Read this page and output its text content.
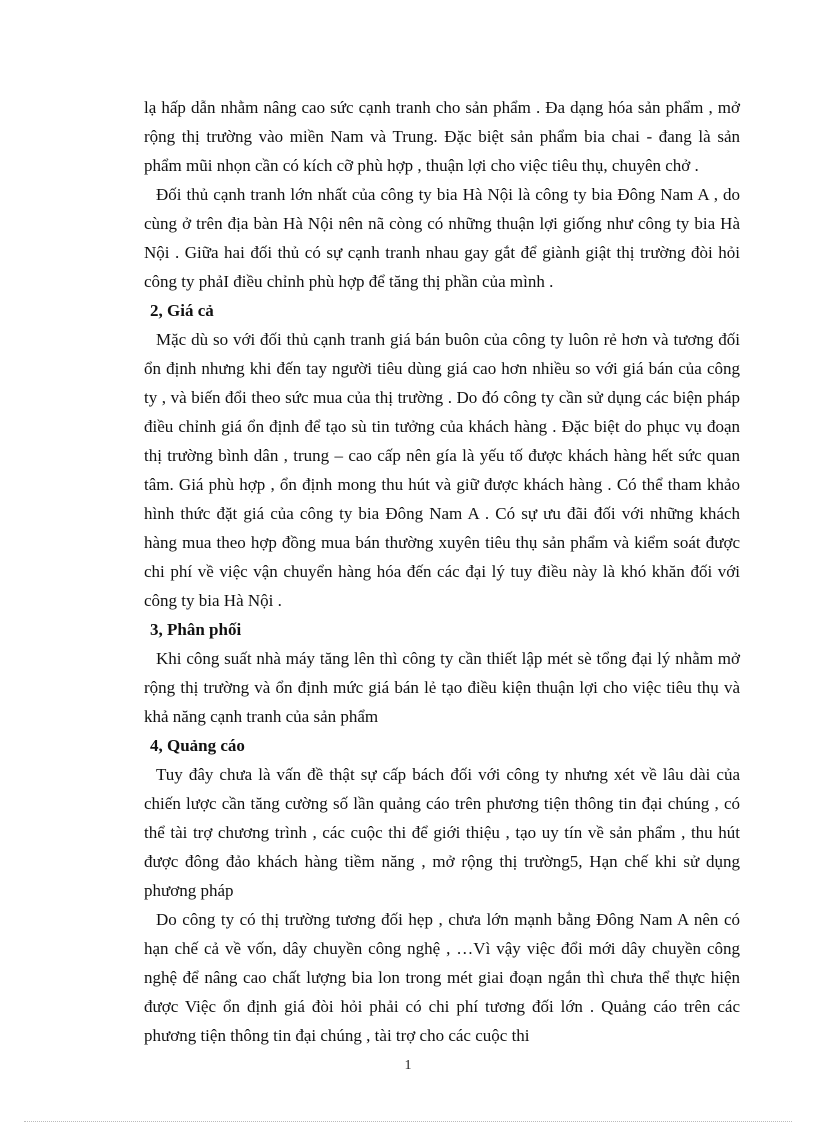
lạ hấp dẫn nhằm nâng cao sức cạnh tranh cho sản phẩm . Đa dạng hóa sản phẩm , mở rộng thị trường vào miền Nam và Trung. Đặc biệt sản phẩm bia chai - đang là sản phẩm mũi nhọn cần có kích cỡ phù hợp , thuận lợi cho việc tiêu thụ, chuyên chở .

Đối thủ cạnh tranh lớn nhất của công ty bia Hà Nội là công ty bia Đông Nam A , do cùng ở trên địa bàn Hà Nội nên nã còng có những thuận lợi giống như công ty bia Hà Nội . Giữa hai đối thủ có sự cạnh tranh nhau gay gắt để giành giật thị trường đòi hỏi công ty phảI điều chỉnh phù hợp để tăng thị phần của mình .

2, Giá cả

Mặc dù so với đối thủ cạnh tranh giá bán buôn của công ty luôn rẻ hơn và tương đối ổn định nhưng khi đến tay người tiêu dùng giá cao hơn nhiều so với giá bán của công ty , và biến đổi theo sức mua của thị trường . Do đó công ty cần sử dụng các biện pháp điều chỉnh giá ổn định để tạo sù tin tưởng của khách hàng . Đặc biệt do phục vụ đoạn thị trường bình dân , trung – cao cấp nên gía là yếu tố được khách hàng hết sức quan tâm. Giá phù hợp , ổn định mong thu hút và giữ được khách hàng . Có thể tham khảo hình thức đặt giá của công ty bia Đông Nam A . Có sự ưu đãi đối với những khách hàng mua theo hợp đồng mua bán thường xuyên tiêu thụ sản phẩm và kiểm soát được chi phí về việc vận chuyển hàng hóa đến các đại lý tuy điều này là khó khăn đối với công ty bia Hà Nội .

3, Phân phối

Khi công suất nhà máy tăng lên thì công ty cần thiết lập mét sè tổng đại lý nhằm mở rộng thị trường và ổn định mức giá bán lẻ tạo điều kiện thuận lợi cho việc tiêu thụ và khả năng cạnh tranh của sản phẩm

4, Quảng cáo

Tuy đây chưa là vấn đề thật sự cấp bách đối với công ty nhưng xét về lâu dài của chiến lược cần tăng cường số lần quảng cáo trên phương tiện thông tin đại chúng , có thể tài trợ chương trình , các cuộc thi để giới thiệu , tạo uy tín về sản phẩm , thu hút được đông đảo khách hàng tiềm năng , mở rộng thị trường5, Hạn chế khi sử dụng phương pháp

Do công ty có thị trường tương đối hẹp , chưa lớn mạnh bằng Đông Nam A nên có hạn chế cả về vốn, dây chuyền công nghệ , …Vì vậy việc đổi mới dây chuyền công nghệ để nâng cao chất lượng bia lon trong mét giai đoạn ngắn thì chưa thể thực hiện được Việc ổn định giá đòi hỏi phải có chi phí tương đối lớn . Quảng cáo trên các phương tiện thông tin đại chúng , tài trợ cho các cuộc thi

1
